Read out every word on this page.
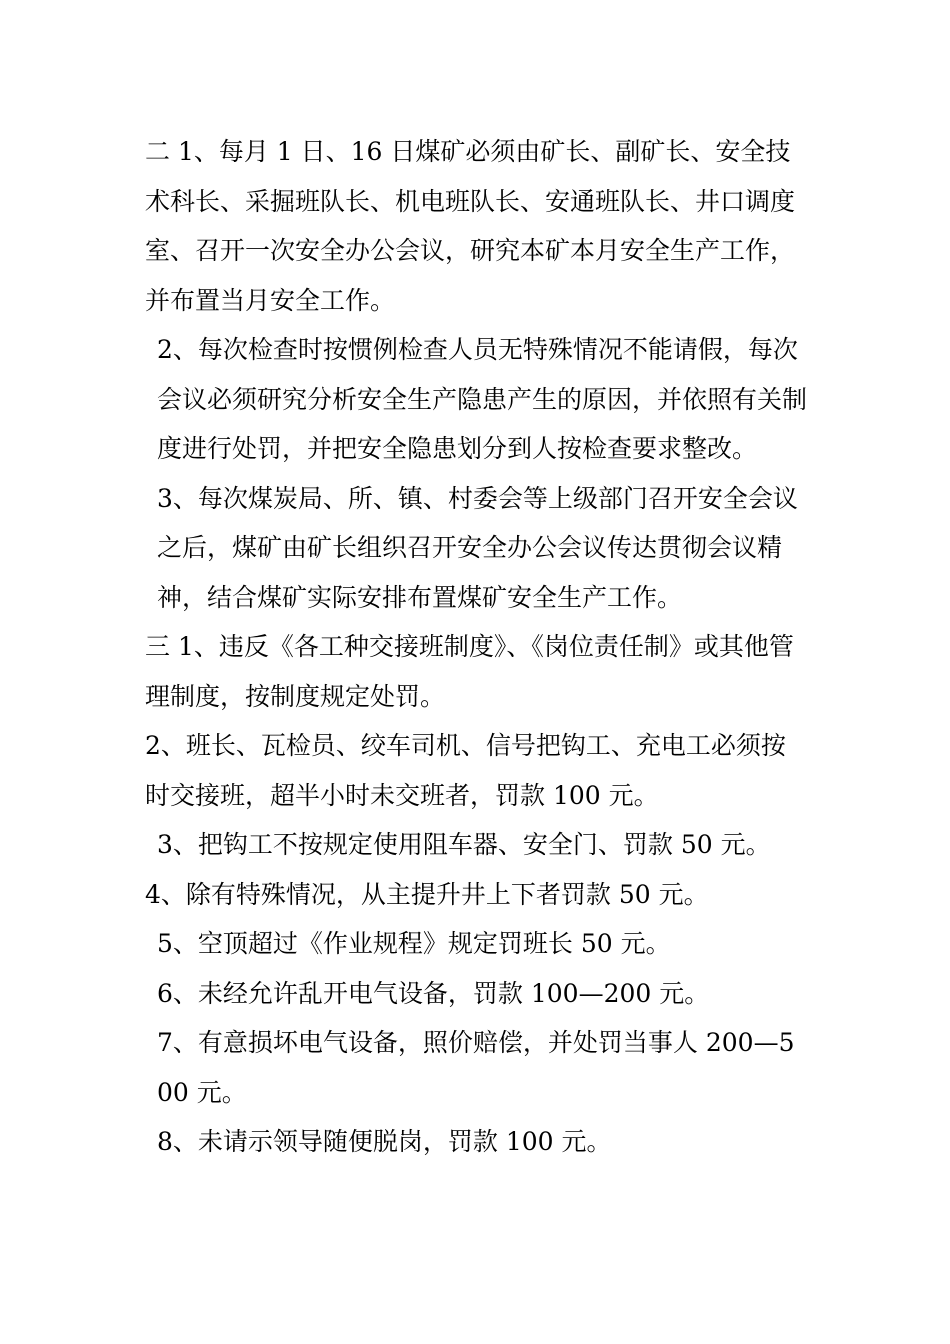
二 1、每月 1 日、16 日煤矿必须由矿长、副矿长、安全技术科长、采掘班队长、机电班队长、安通班队长、井口调度室、召开一次安全办公会议，研究本矿本月安全生产工作，并布置当月安全工作。

2、每次检查时按惯例检查人员无特殊情况不能请假，每次会议必须研究分析安全生产隐患产生的原因，并依照有关制度进行处罚，并把安全隐患划分到人按检查要求整改。

3、每次煤炭局、所、镇、村委会等上级部门召开安全会议之后，煤矿由矿长组织召开安全办公会议传达贯彻会议精神，结合煤矿实际安排布置煤矿安全生产工作。

三 1、违反《各工种交接班制度》、《岗位责任制》或其他管理制度，按制度规定处罚。

2、班长、瓦检员、绞车司机、信号把钩工、充电工必须按时交接班，超半小时未交班者，罚款 100 元。

3、把钩工不按规定使用阻车器、安全门、罚款 50 元。

4、除有特殊情况，从主提升井上下者罚款 50 元。

5、空顶超过《作业规程》规定罚班长 50 元。

6、未经允许乱开电气设备，罚款 100—200 元。

7、有意损坏电气设备，照价赔偿，并处罚当事人 200—500 元。

8、未请示领导随便脱岗，罚款 100 元。
